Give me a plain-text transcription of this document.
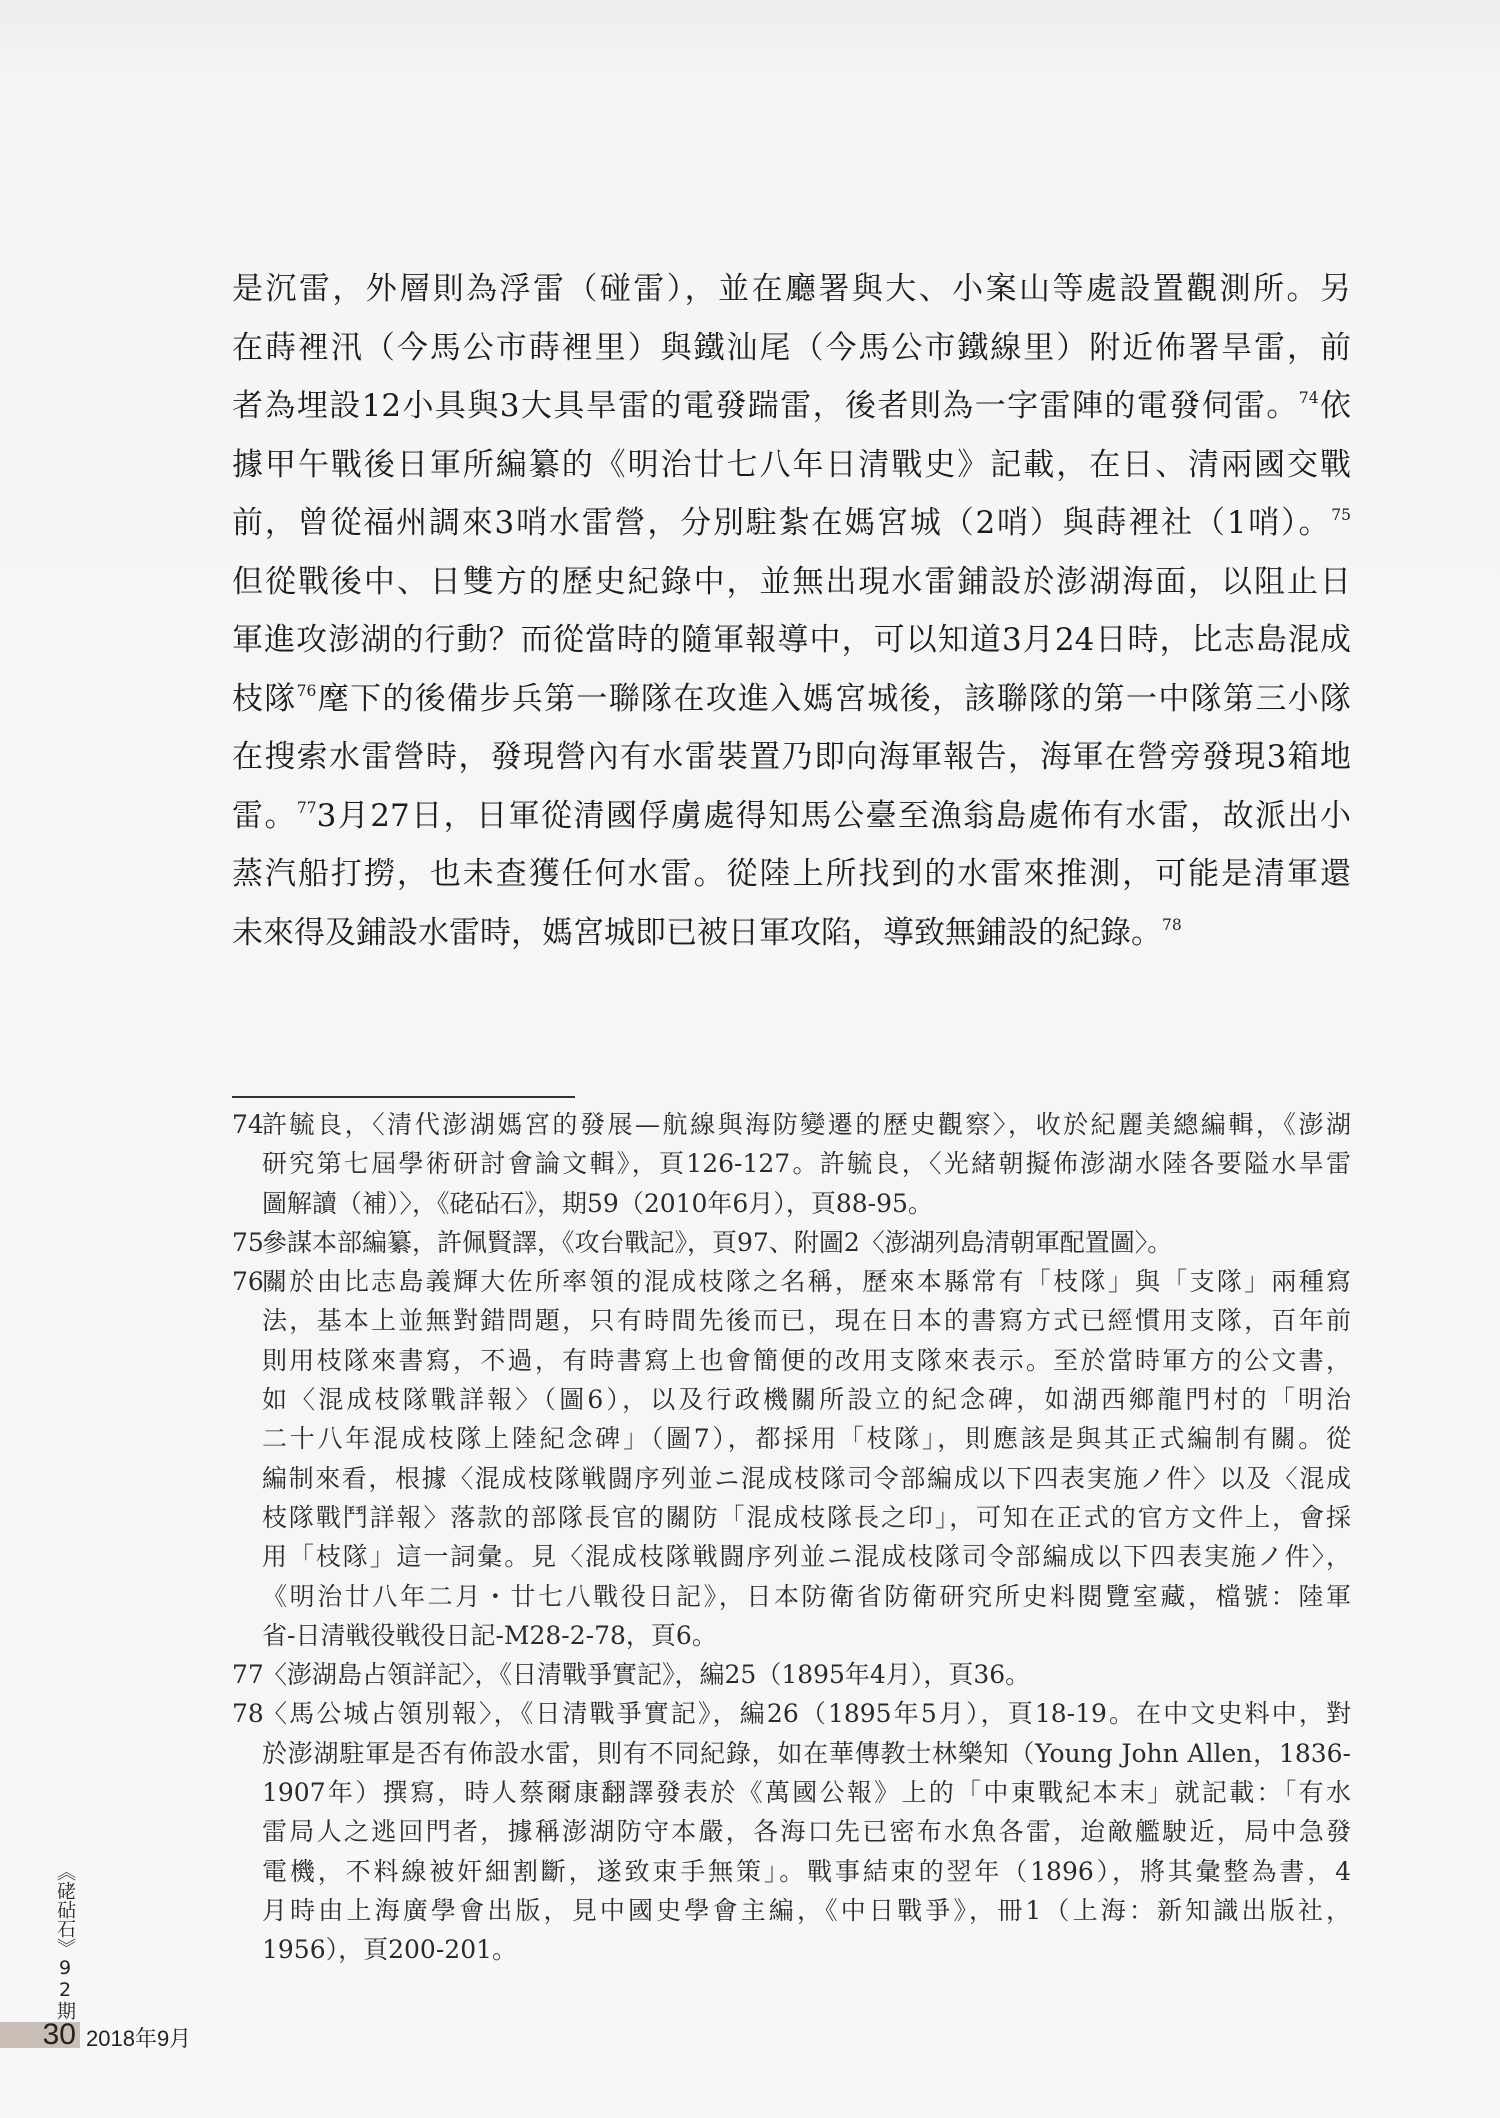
是沉雷，外層則為浮雷（碰雷），並在廳署與大、小案山等處設置觀測所。另
在蒔裡汛（今馬公市蒔裡里）與鐵汕尾（今馬公市鐵線里）附近佈署旱雷，前
者為埋設12小具與3大具旱雷的電發踹雷，後者則為一字雷陣的電發伺雷。$^{74}$依
據甲午戰後日軍所編纂的《明治廿七八年日清戰史》記載，在日、清兩國交戰
前，曾從福州調來3哨水雷營，分別駐紮在媽宮城（2哨）與蒔裡社（1哨）。$^{75}$
但從戰後中、日雙方的歷史紀錄中，並無出現水雷鋪設於澎湖海面，以阻止日
軍進攻澎湖的行動？而從當時的隨軍報導中，可以知道3月24日時，比志島混成
枝隊$^{76}$麾下的後備步兵第一聯隊在攻進入媽宮城後，該聯隊的第一中隊第三小隊
在搜索水雷營時，發現營內有水雷裝置乃即向海軍報告，海軍在營旁發現3箱地
雷。$^{77}$3月27日，日軍從清國俘虜處得知馬公臺至漁翁島處佈有水雷，故派出小
蒸汽船打撈，也未查獲任何水雷。從陸上所找到的水雷來推測，可能是清軍還
未來得及鋪設水雷時，媽宮城即已被日軍攻陷，導致無鋪設的紀錄。$^{78}$
74
許毓良，〈清代澎湖媽宮的發展—航線與海防變遷的歷史觀察〉，收於紀麗美總編輯，《澎湖
研究第七屆學術研討會論文輯》，頁126-127。許毓良，〈光緒朝擬佈澎湖水陸各要隘水旱雷
圖解讀（補）〉，《硓砧石》，期59（2010年6月），頁88-95。
75
參謀本部編纂，許佩賢譯，《攻台戰記》，頁97、附圖2〈澎湖列島清朝軍配置圖〉。
76
關於由比志島義輝大佐所率領的混成枝隊之名稱，歷來本縣常有「枝隊」與「支隊」兩種寫
法，基本上並無對錯問題，只有時間先後而已，現在日本的書寫方式已經慣用支隊，百年前
則用枝隊來書寫，不過，有時書寫上也會簡便的改用支隊來表示。至於當時軍方的公文書，
如〈混成枝隊戰詳報〉（圖6），以及行政機關所設立的紀念碑，如湖西鄉龍門村的「明治
二十八年混成枝隊上陸紀念碑」（圖7），都採用「枝隊」，則應該是與其正式編制有關。從
編制來看，根據〈混成枝隊戦闘序列並ニ混成枝隊司令部編成以下四表実施ノ件〉以及〈混成
枝隊戰鬥詳報〉落款的部隊長官的關防「混成枝隊長之印」，可知在正式的官方文件上，會採
用「枝隊」這一詞彙。見〈混成枝隊戦闘序列並ニ混成枝隊司令部編成以下四表実施ノ件〉，
《明治廿八年二月・廿七八戰役日記》，日本防衛省防衛研究所史料閱覽室藏，檔號：陸軍
省-日清戦役戦役日記-M28-2-78，頁6。
77
〈澎湖島占領詳記〉，《日清戰爭實記》，編25（1895年4月），頁36。
78
〈馬公城占領別報〉，《日清戰爭實記》，編26（1895年5月），頁18-19。在中文史料中，對
於澎湖駐軍是否有佈設水雷，則有不同紀錄，如在華傳教士林樂知（Young John Allen，1836-
1907年）撰寫，時人蔡爾康翻譯發表於《萬國公報》上的「中東戰紀本末」就記載：「有水
雷局人之逃回門者，據稱澎湖防守本嚴，各海口先已密布水魚各雷，迨敵艦駛近，局中急發
電機，不料線被奸細割斷，遂致束手無策」。戰事結束的翌年（1896），將其彙整為書，4
月時由上海廣學會出版，見中國史學會主編，《中日戰爭》，冊1（上海：新知識出版社，
1956），頁200-201。
《硓砧石》92期
30 2018年9月
